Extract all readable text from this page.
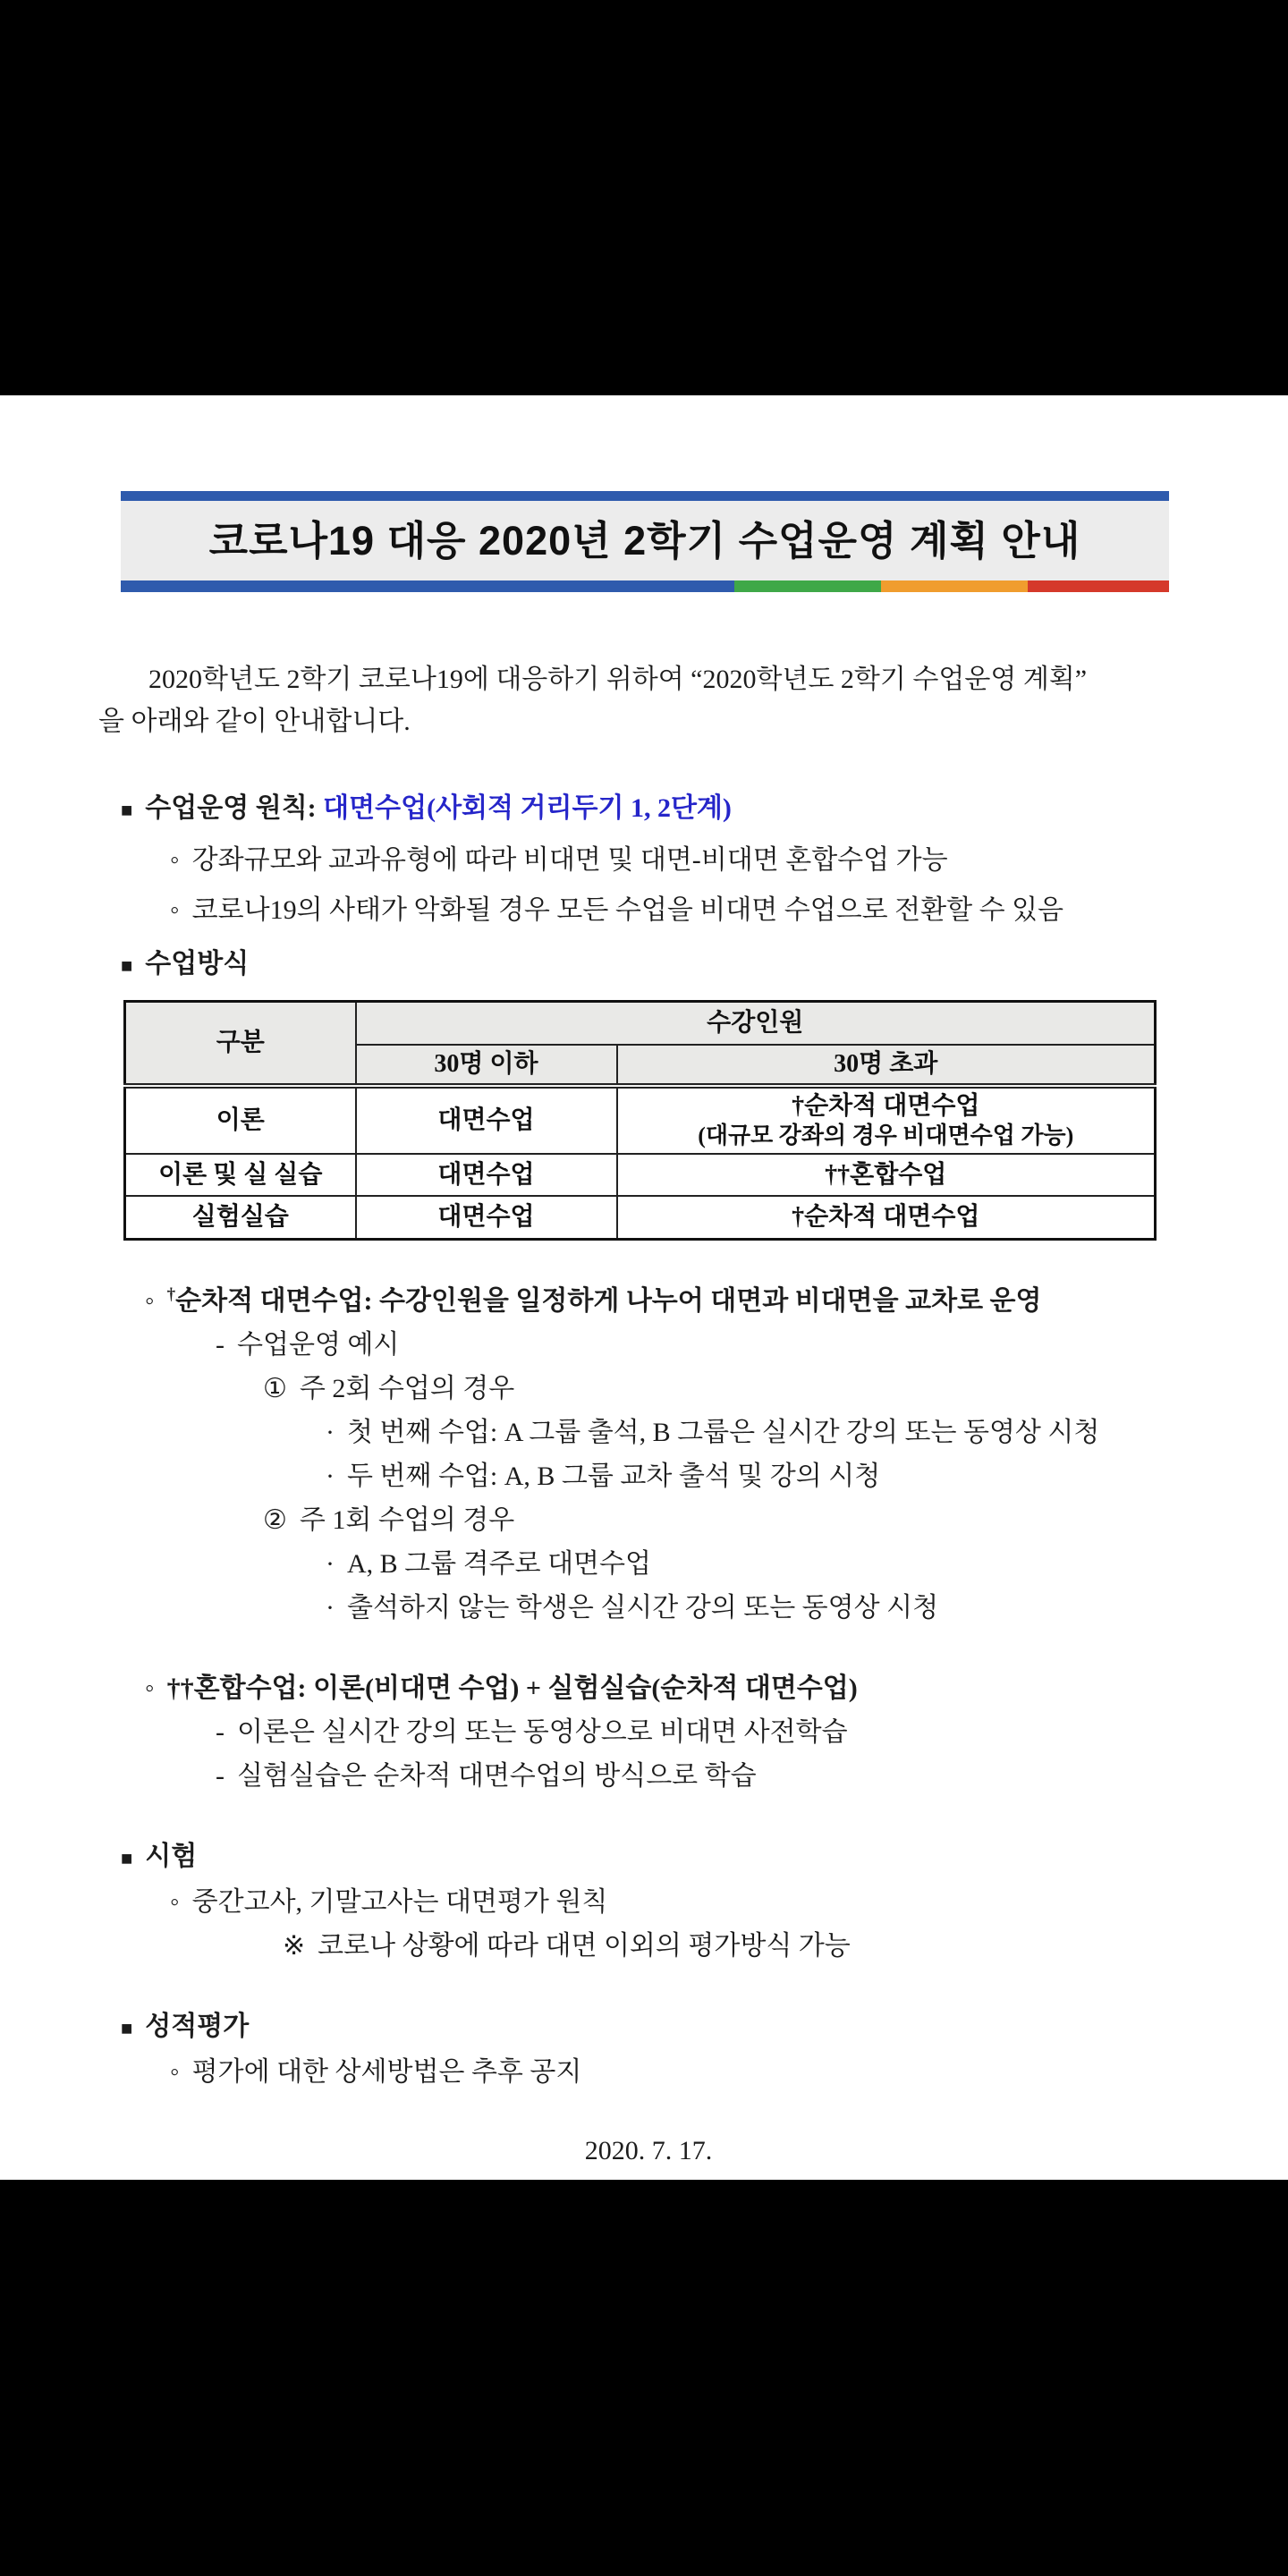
코로나19 대응 2020년 2학기 수업운영 계획 안내
2020학년도 2학기 코로나19에 대응하기 위하여 “2020학년도 2학기 수업운영 계획”
을 아래와 같이 안내합니다.
■ 수업운영 원칙: 대면수업(사회적 거리두기 1, 2단계)
◦ 강좌규모와 교과유형에 따라 비대면 및 대면-비대면 혼합수업 가능
◦ 코로나19의 사태가 악화될 경우 모든 수업을 비대면 수업으로 전환할 수 있음
■ 수업방식
구분	수강인원	
	30명 이하	30명 초과
이론	대면수업	†순차적 대면수업
(대규모 강좌의 경우 비대면수업 가능)

이론 및 실 실습	대면수업	††혼합수업
실험실습	대면수업	†순차적 대면수업
◦ †순차적 대면수업: 수강인원을 일정하게 나누어 대면과 비대면을 교차로 운영
- 수업운영 예시
① 주 2회 수업의 경우
· 첫 번째 수업: A 그룹 출석, B 그룹은 실시간 강의 또는 동영상 시청
· 두 번째 수업: A, B 그룹 교차 출석 및 강의 시청
② 주 1회 수업의 경우
· A, B 그룹 격주로 대면수업
· 출석하지 않는 학생은 실시간 강의 또는 동영상 시청
◦ ††혼합수업: 이론(비대면 수업) + 실험실습(순차적 대면수업)
- 이론은 실시간 강의 또는 동영상으로 비대면 사전학습
- 실험실습은 순차적 대면수업의 방식으로 학습
■ 시험
◦ 중간고사, 기말고사는 대면평가 원칙
※ 코로나 상황에 따라 대면 이외의 평가방식 가능
■ 성적평가
◦ 평가에 대한 상세방법은 추후 공지
2020. 7. 17.
